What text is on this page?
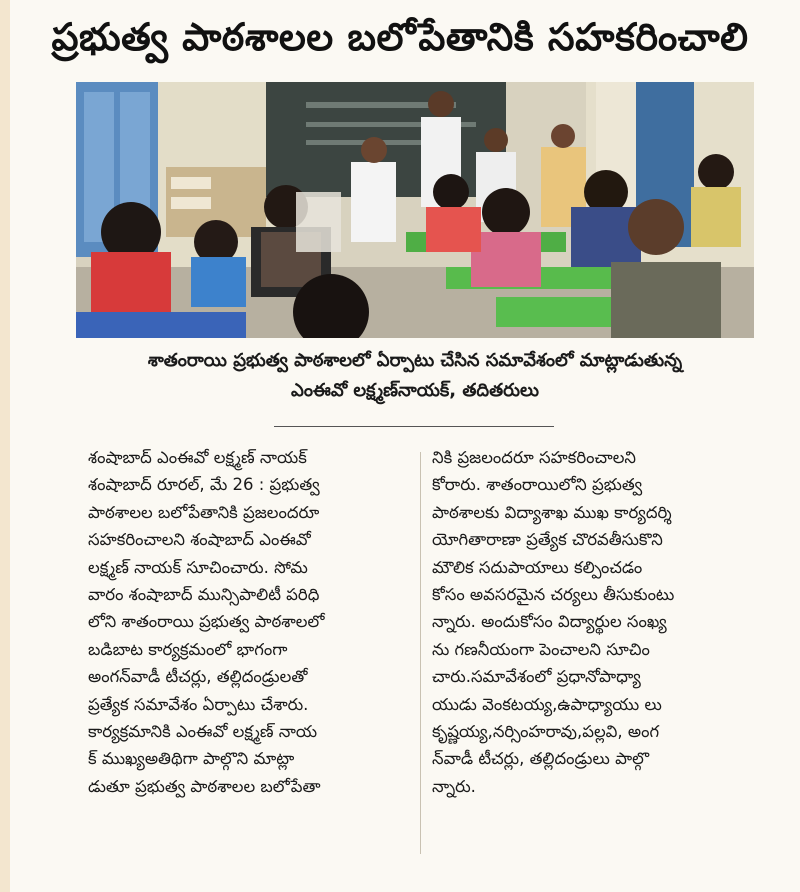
ప్రభుత్వ పాఠశాలల బలోపేతానికి సహకరించాలి
శాతంరాయి ప్రభుత్వ పాఠశాలలో ఏర్పాటు చేసిన సమావేశంలో మాట్లాడుతున్న
ఎంఈవో లక్ష్మణ్‌నాయక్, తదితరులు
శంషాబాద్ ఎంఈవో లక్ష్మణ్ నాయక్
శంషాబాద్ రూరల్, మే 26 : ప్రభుత్వ
పాఠశాలల బలోపేతానికి ప్రజలందరూ
సహకరించాలని శంషాబాద్ ఎంఈవో
లక్ష్మణ్ నాయక్ సూచించారు. సోమ
వారం శంషాబాద్ మున్సిపాలిటీ పరిధి
లోని శాతంరాయి ప్రభుత్వ పాఠశాలలో
బడిబాట కార్యక్రమంలో భాగంగా
అంగన్‌వాడీ టీచర్లు, తల్లిదండ్రులతో
ప్రత్యేక సమావేశం ఏర్పాటు చేశారు.
కార్యక్రమానికి ఎంఈవో లక్ష్మణ్ నాయ
క్ ముఖ్యఅతిథిగా పాల్గొని మాట్లా
డుతూ ప్రభుత్వ పాఠశాలల బలోపేతా
నికి ప్రజలందరూ సహకరించాలని
కోరారు. శాతంరాయిలోని ప్రభుత్వ
పాఠశాలకు విద్యాశాఖ ముఖ కార్యదర్శి
యోగితారాణా ప్రత్యేక చొరవతీసుకొని
మౌలిక సదుపాయాలు కల్పించడం
కోసం అవసరమైన చర్యలు తీసుకుంటు
న్నారు. అందుకోసం విద్యార్థుల సంఖ్య
ను గణనీయంగా పెంచాలని సూచిం
చారు.సమావేశంలో ప్రధానోపాధ్యా
యుడు వెంకటయ్య,ఉపాధ్యాయు లు
కృష్ణయ్య,నర్సింహరావు,పల్లవి, అంగ
న్‌వాడీ టీచర్లు, తల్లిదండ్రులు పాల్గొ
న్నారు.
